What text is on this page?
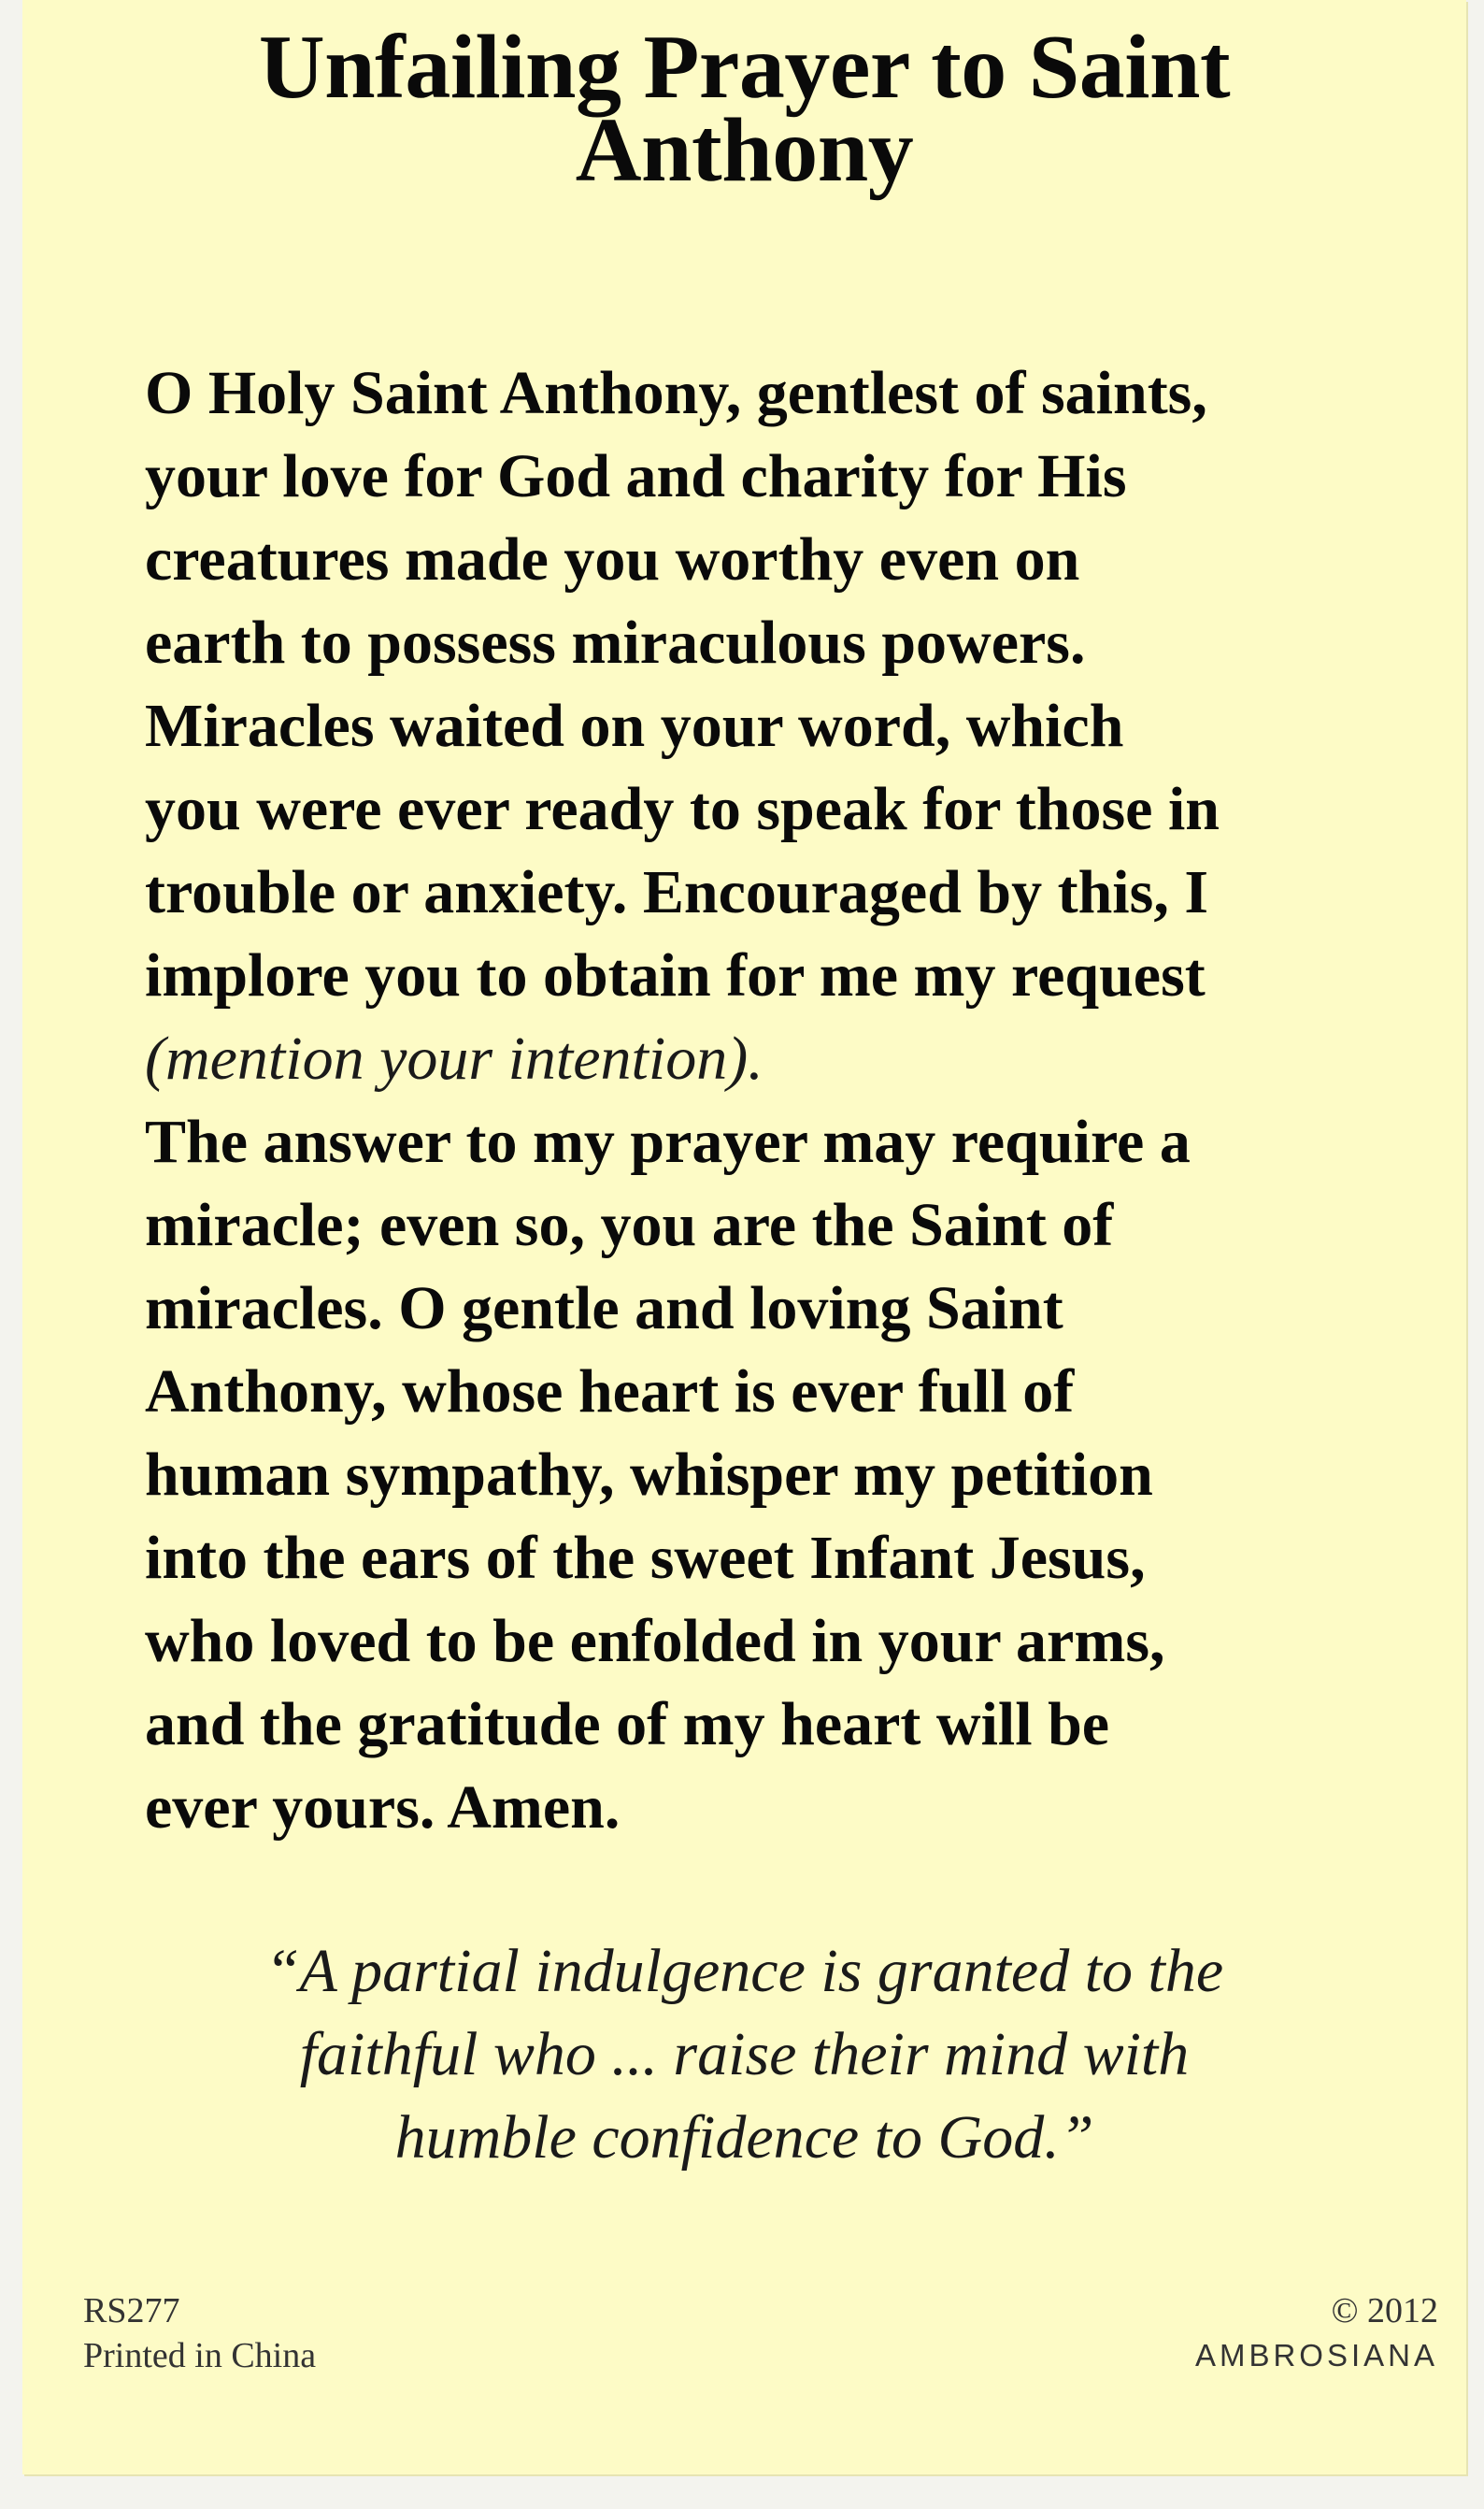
Unfailing Prayer to Saint
Anthony
O Holy Saint Anthony, gentlest of saints,
your love for God and charity for His
creatures made you worthy even on
earth to possess miraculous powers.
Miracles waited on your word, which
you were ever ready to speak for those in
trouble or anxiety. Encouraged by this, I
implore you to obtain for me my request
(mention your intention).
The answer to my prayer may require a
miracle; even so, you are the Saint of
miracles. O gentle and loving Saint
Anthony, whose heart is ever full of
human sympathy, whisper my petition
into the ears of the sweet Infant Jesus,
who loved to be enfolded in your arms,
and the gratitude of my heart will be
ever yours. Amen.
“A partial indulgence is granted to the
faithful who ... raise their mind with
humble confidence to God.”
RS277
Printed in China
© 2012
AMBROSIANA
